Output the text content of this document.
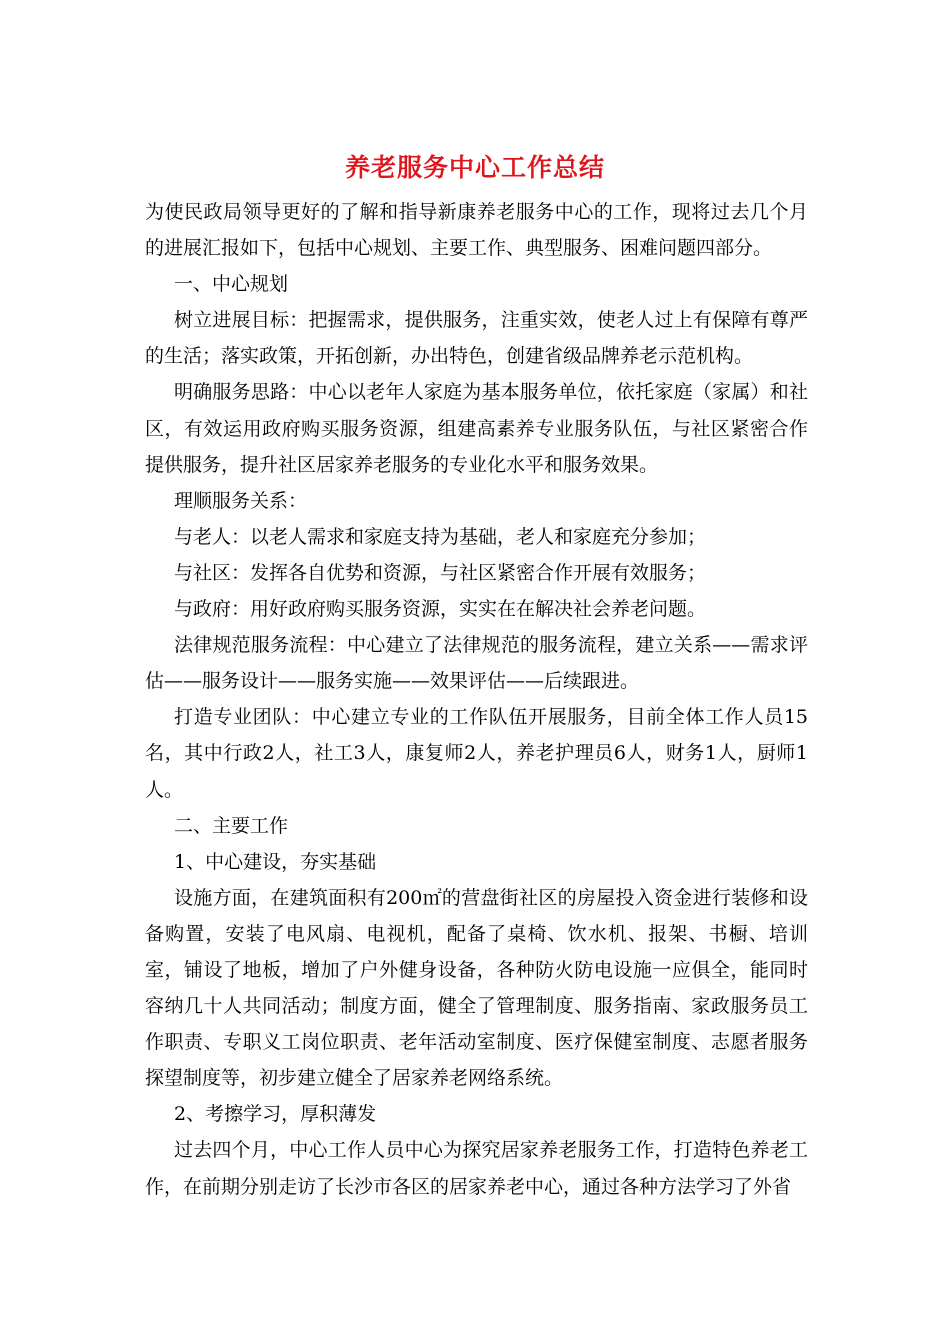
养老服务中心工作总结

为使民政局领导更好的了解和指导新康养老服务中心的工作，现将过去几个月的进展汇报如下，包括中心规划、主要工作、典型服务、困难问题四部分。

一、中心规划

树立进展目标：把握需求，提供服务，注重实效，使老人过上有保障有尊严的生活；落实政策，开拓创新，办出特色，创建省级品牌养老示范机构。

明确服务思路：中心以老年人家庭为基本服务单位，依托家庭（家属）和社区，有效运用政府购买服务资源，组建高素养专业服务队伍，与社区紧密合作提供服务，提升社区居家养老服务的专业化水平和服务效果。

理顺服务关系：

与老人：以老人需求和家庭支持为基础，老人和家庭充分参加；

与社区：发挥各自优势和资源，与社区紧密合作开展有效服务；

与政府：用好政府购买服务资源，实实在在解决社会养老问题。

法律规范服务流程：中心建立了法律规范的服务流程，建立关系——需求评估——服务设计——服务实施——效果评估——后续跟进。

打造专业团队：中心建立专业的工作队伍开展服务，目前全体工作人员15名，其中行政2人，社工3人，康复师2人，养老护理员6人，财务1人，厨师1人。

二、主要工作

1、中心建设，夯实基础

设施方面，在建筑面积有200㎡的营盘街社区的房屋投入资金进行装修和设备购置，安装了电风扇、电视机，配备了桌椅、饮水机、报架、书橱、培训室，铺设了地板，增加了户外健身设备，各种防火防电设施一应俱全，能同时容纳几十人共同活动；制度方面，健全了管理制度、服务指南、家政服务员工作职责、专职义工岗位职责、老年活动室制度、医疗保健室制度、志愿者服务探望制度等，初步建立健全了居家养老网络系统。

2、考擦学习，厚积薄发

过去四个月，中心工作人员中心为探究居家养老服务工作，打造特色养老工作，在前期分别走访了长沙市各区的居家养老中心，通过各种方法学习了外省
